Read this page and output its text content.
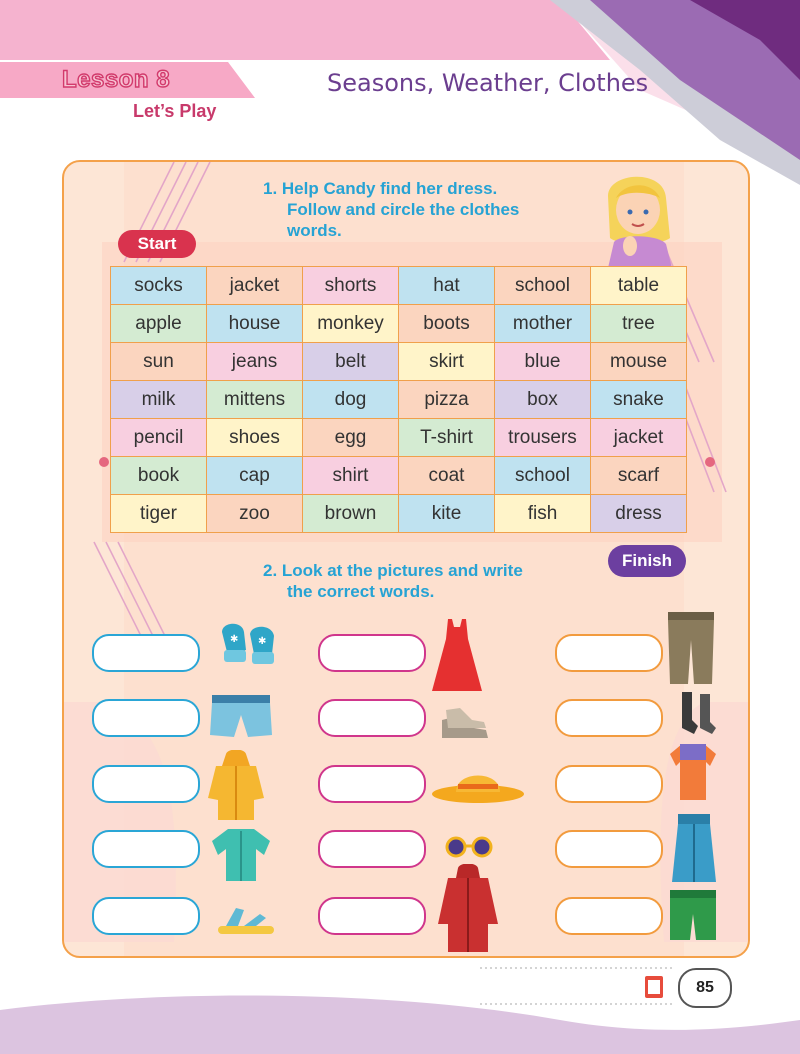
Lesson 8
Let’s Play
Seasons, Weather, Clothes
1. Help Candy find her dress.
Follow and circle the clothes
words.
Start
socks	jacket	shorts	hat	school	table
apple	house	monkey	boots	mother	tree
sun	jeans	belt	skirt	blue	mouse
milk	mittens	dog	pizza	box	snake
pencil	shoes	egg	T-shirt	trousers	jacket
book	cap	shirt	coat	school	scarf
tiger	zoo	brown	kite	fish	dress
Finish
2. Look at the pictures and write
the correct words.
✱ ✱
85
